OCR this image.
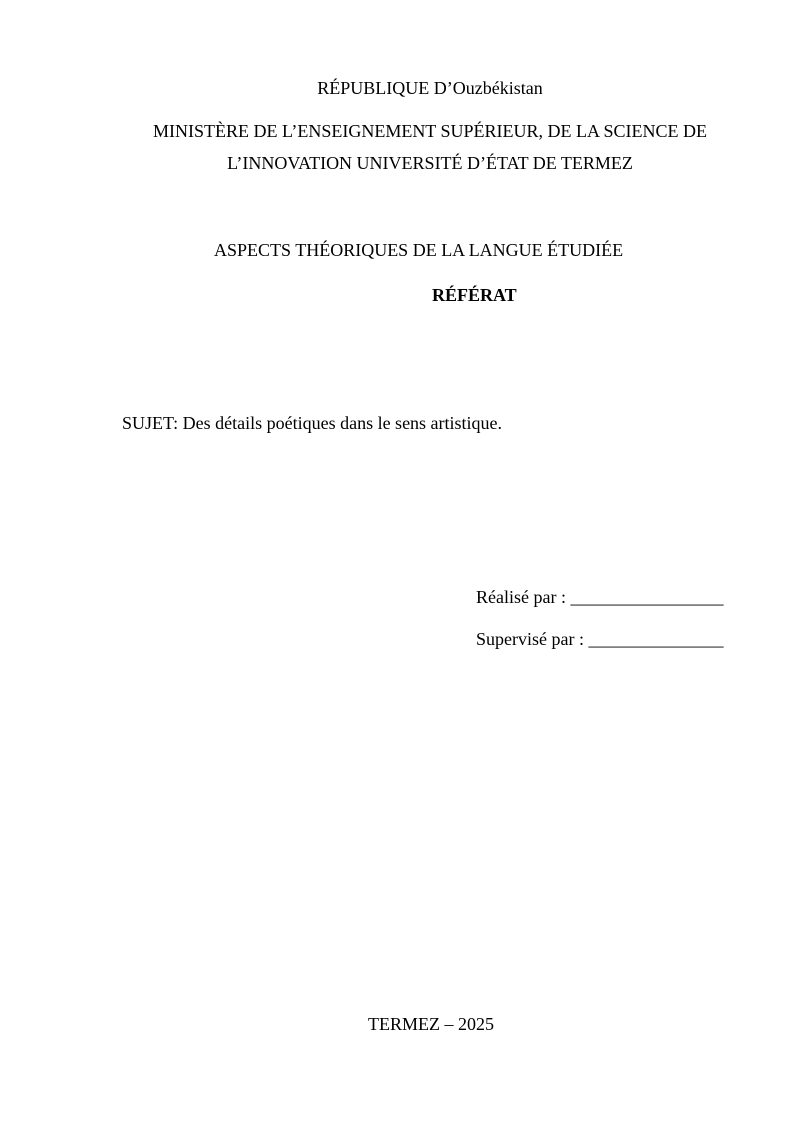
RÉPUBLIQUE D’Ouzbékistan
MINISTÈRE DE L’ENSEIGNEMENT SUPÉRIEUR, DE LA SCIENCE DE
L’INNOVATION UNIVERSITÉ D’ÉTAT DE TERMEZ
ASPECTS THÉORIQUES DE LA LANGUE ÉTUDIÉE
RÉFÉRAT
SUJET: Des détails poétiques dans le sens artistique.
Réalisé par : _________________
Supervisé par : _______________
TERMEZ – 2025
